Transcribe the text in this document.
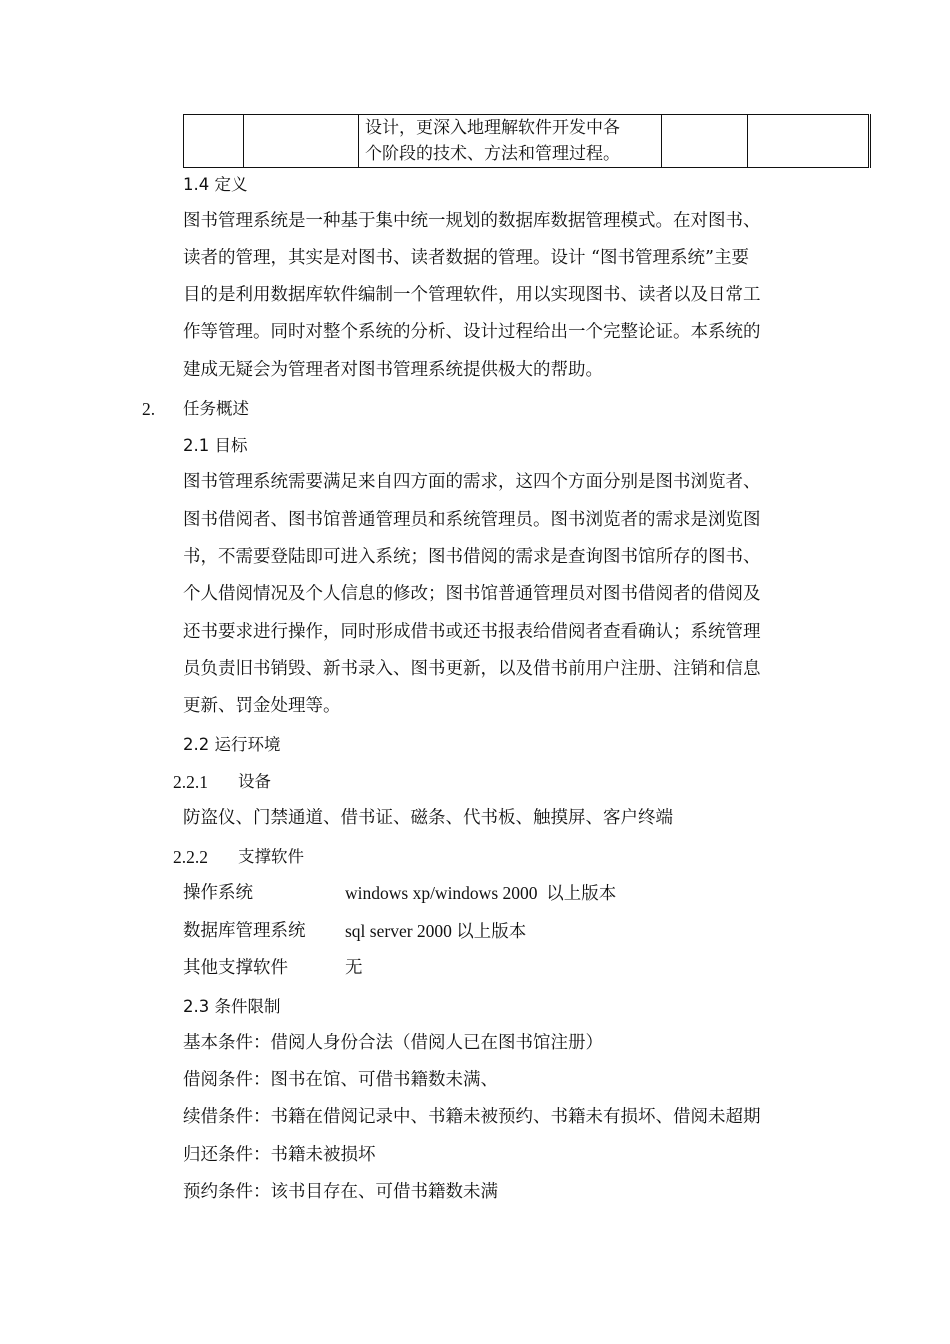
设计，更深入地理解软件开发中各
个阶段的技术、方法和管理过程。

1.4 定义
图书管理系统是一种基于集中统一规划的数据库数据管理模式。在对图书、
读者的管理，其实是对图书、读者数据的管理。设计 “图书管理系统”主要
目的是利用数据库软件编制一个管理软件，用以实现图书、读者以及日常工
作等管理。同时对整个系统的分析、设计过程给出一个完整论证。本系统的
建成无疑会为管理者对图书管理系统提供极大的帮助。
2. 任务概述
2.1 目标
图书管理系统需要满足来自四方面的需求，这四个方面分别是图书浏览者、
图书借阅者、图书馆普通管理员和系统管理员。图书浏览者的需求是浏览图
书，不需要登陆即可进入系统；图书借阅的需求是查询图书馆所存的图书、
个人借阅情况及个人信息的修改；图书馆普通管理员对图书借阅者的借阅及
还书要求进行操作，同时形成借书或还书报表给借阅者查看确认；系统管理
员负责旧书销毁、新书录入、图书更新，以及借书前用户注册、注销和信息
更新、罚金处理等。
2.2 运行环境
2.2.1 设备
防盗仪、门禁通道、借书证、磁条、代书板、触摸屏、客户终端
2.2.2 支撑软件
操作系统	windows xp/windows 2000  以上版本
数据库管理系统 sql server 2000 以上版本
其他支撑软件	无
2.3 条件限制
基本条件：借阅人身份合法（借阅人已在图书馆注册）
借阅条件：图书在馆、可借书籍数未满、
续借条件：书籍在借阅记录中、书籍未被预约、书籍未有损坏、借阅未超期
归还条件：书籍未被损坏
预约条件：该书目存在、可借书籍数未满
